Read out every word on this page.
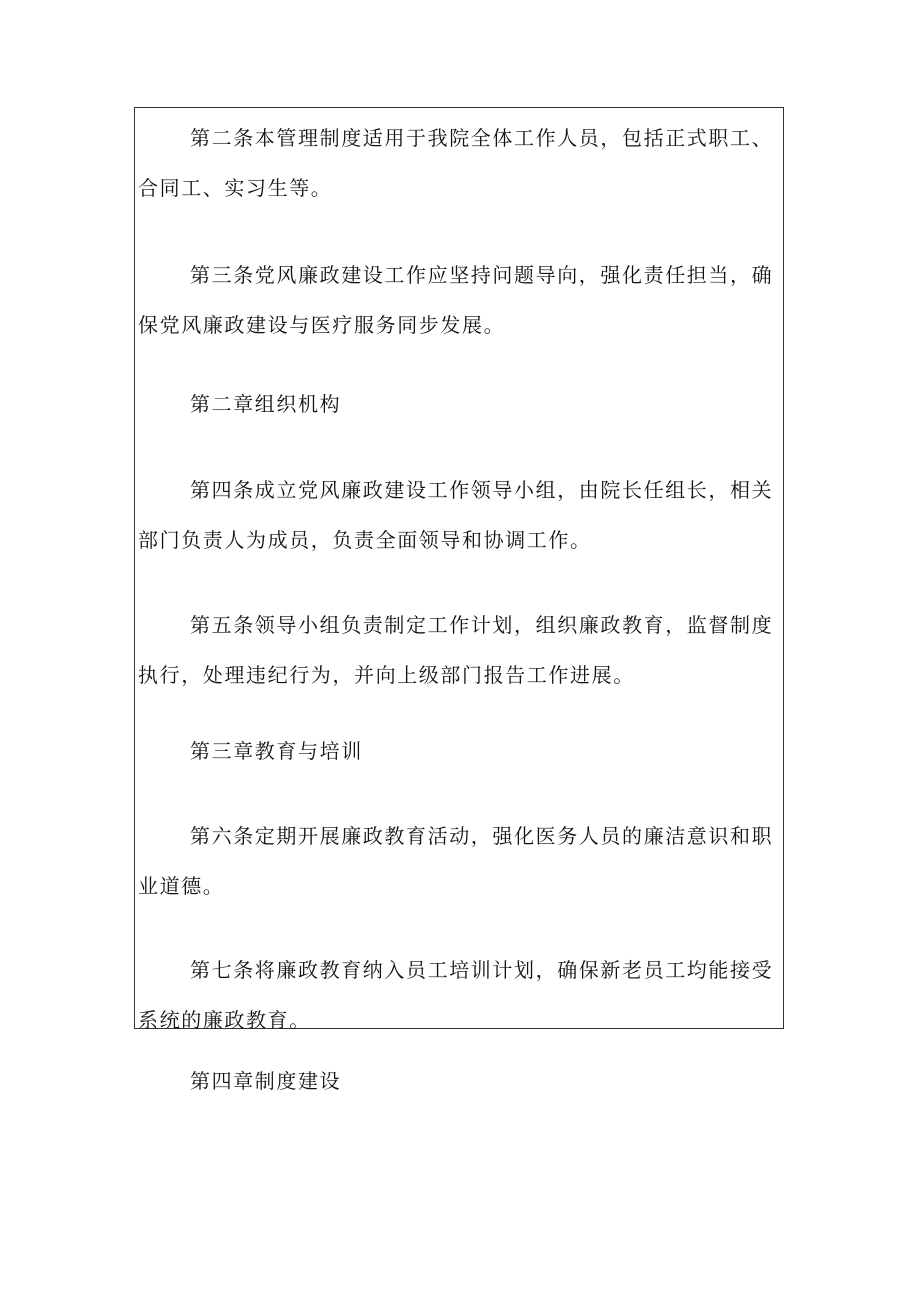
第二条本管理制度适用于我院全体工作人员，包括正式职工、合同工、实习生等。

第三条党风廉政建设工作应坚持问题导向，强化责任担当，确保党风廉政建设与医疗服务同步发展。

第二章组织机构

第四条成立党风廉政建设工作领导小组，由院长任组长，相关部门负责人为成员，负责全面领导和协调工作。

第五条领导小组负责制定工作计划，组织廉政教育，监督制度执行，处理违纪行为，并向上级部门报告工作进展。

第三章教育与培训

第六条定期开展廉政教育活动，强化医务人员的廉洁意识和职业道德。

第七条将廉政教育纳入员工培训计划，确保新老员工均能接受系统的廉政教育。

第四章制度建设
